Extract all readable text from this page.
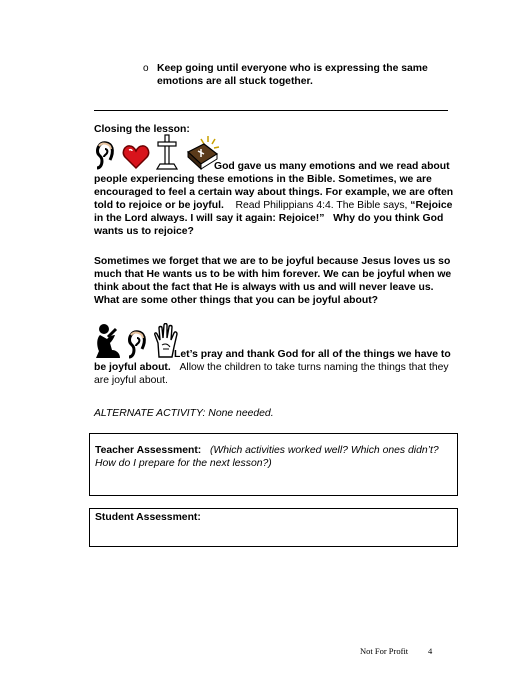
o Keep going until everyone who is expressing the same emotions are all stuck together.
Closing the lesson:
God gave us many emotions and we read about people experiencing these emotions in the Bible. Sometimes, we are encouraged to feel a certain way about things. For example, we are often told to rejoice or be joyful. Read Philippians 4:4. The Bible says, “Rejoice in the Lord always. I will say it again: Rejoice!” Why do you think God wants us to rejoice?
Sometimes we forget that we are to be joyful because Jesus loves us so much that He wants us to be with him forever. We can be joyful when we think about the fact that He is always with us and will never leave us. What are some other things that you can be joyful about?
Let’s pray and thank God for all of the things we have to be joyful about. Allow the children to take turns naming the things that they are joyful about.
ALTERNATE ACTIVITY: None needed.
Teacher Assessment: (Which activities worked well? Which ones didn’t? How do I prepare for the next lesson?)
Student Assessment:
Not For Profit 4
